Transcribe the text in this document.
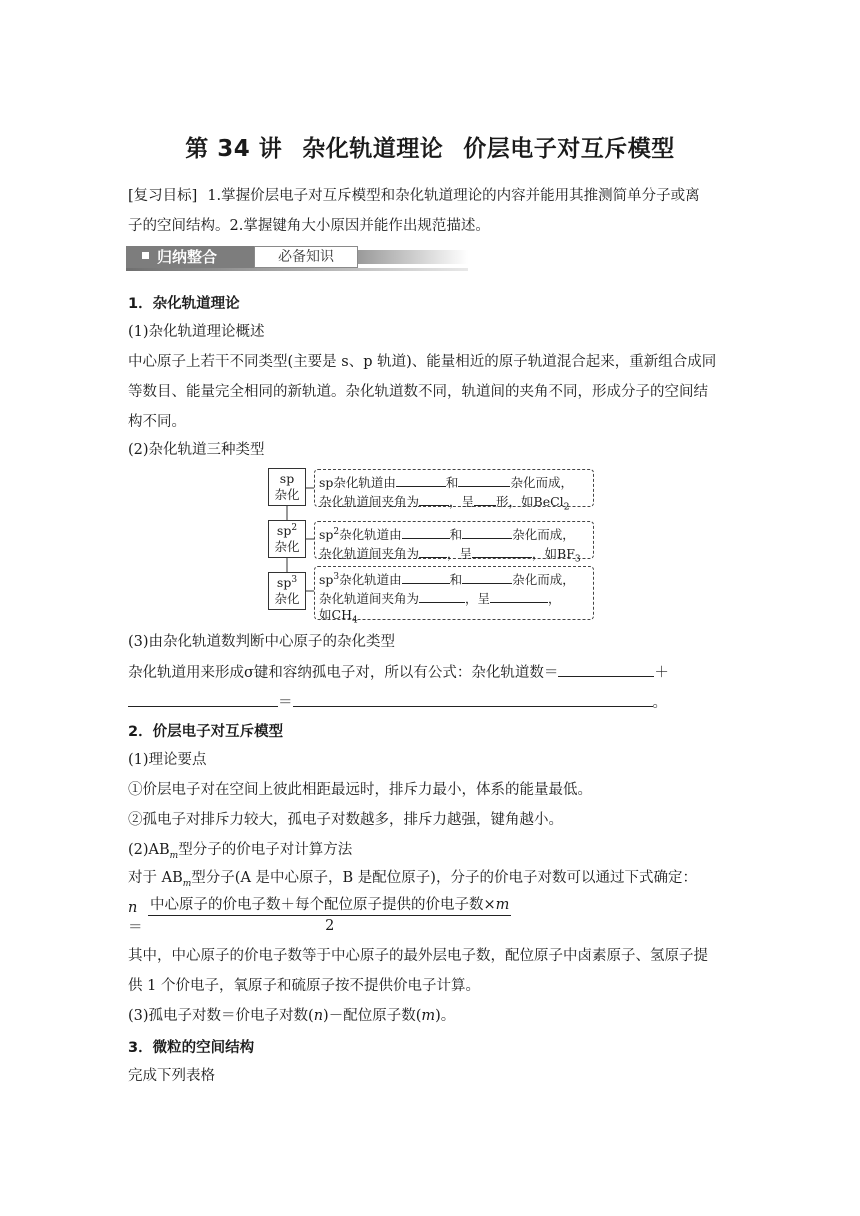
第 34 讲 杂化轨道理论 价层电子对互斥模型
[复习目标] 1.掌握价层电子对互斥模型和杂化轨道理论的内容并能用其推测简单分子或离
子的空间结构。2.掌握键角大小原因并能作出规范描述。
归纳整合	必备知识
1．杂化轨道理论
(1)杂化轨道理论概述
中心原子上若干不同类型(主要是 s、p 轨道)、能量相近的原子轨道混合起来，重新组合成同
等数目、能量完全相同的新轨道。杂化轨道数不同，轨道间的夹角不同，形成分子的空间结
构不同。
(2)杂化轨道三种类型
sp
杂化
sp杂化轨道由	和	杂化而成，
杂化轨道间夹角为 ，呈 形，如BeCl$_2$
$sp^2$
杂化
$sp^2$杂化轨道由	和	杂化而成，
杂化轨道间夹角为 ，呈	，如$BF_3$
$sp^3$
杂化
$sp^3$杂化轨道由	和	杂化而成，
杂化轨道间夹角为	，呈	，
如$CH_4$
(3)由杂化轨道数判断中心原子的杂化类型
杂化轨道用来形成σ键和容纳孤电子对，所以有公式：杂化轨道数＝	＋
＝	。
2．价层电子对互斥模型
(1)理论要点
①价层电子对在空间上彼此相距最远时，排斥力最小，体系的能量最低。
②孤电子对排斥力较大，孤电子对数越多，排斥力越强，键角越小。
$(2)AB_m$型分子的价电子对计算方法
对于 $AB_m$型分子(A 是中心原子，B 是配位原子)，分子的价电子对数可以通过下式确定：
n＝
中心原子的价电子数＋每个配位原子提供的价电子数×m
2
其中，中心原子的价电子数等于中心原子的最外层电子数，配位原子中卤素原子、氢原子提
供 1 个价电子，氧原子和硫原子按不提供价电子计算。
(3)孤电子对数＝价电子对数(n)－配位原子数(m)。
3．微粒的空间结构
完成下列表格
